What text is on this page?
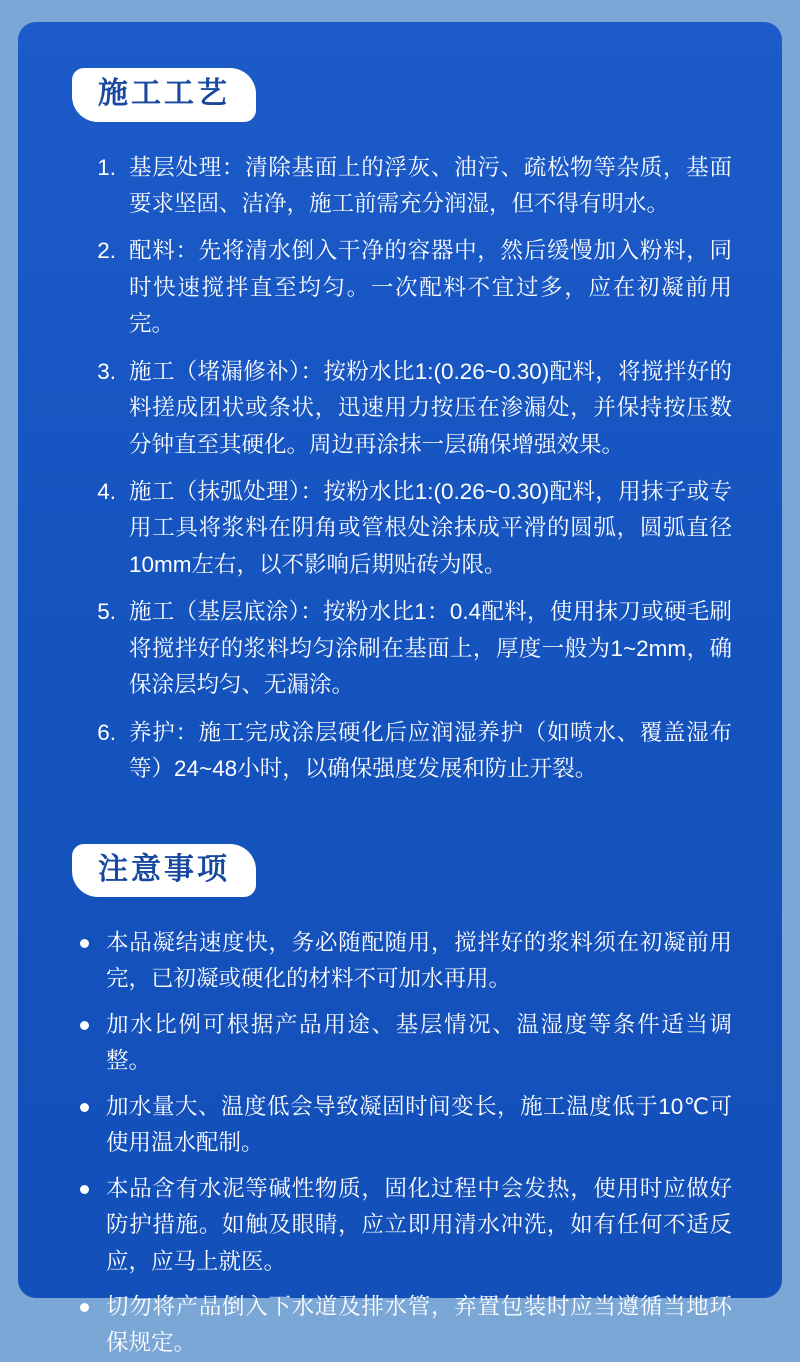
施工工艺
1. 基层处理：清除基面上的浮灰、油污、疏松物等杂质，基面要求坚固、洁净，施工前需充分润湿，但不得有明水。
2. 配料：先将清水倒入干净的容器中，然后缓慢加入粉料，同时快速搅拌直至均匀。一次配料不宜过多，应在初凝前用完。
3. 施工（堵漏修补）：按粉水比1:(0.26~0.30)配料，将搅拌好的料搓成团状或条状，迅速用力按压在渗漏处，并保持按压数分钟直至其硬化。周边再涂抹一层确保增强效果。
4. 施工（抹弧处理）：按粉水比1:(0.26~0.30)配料，用抹子或专用工具将浆料在阴角或管根处涂抹成平滑的圆弧，圆弧直径10mm左右，以不影响后期贴砖为限。
5. 施工（基层底涂）：按粉水比1：0.4配料，使用抹刀或硬毛刷将搅拌好的浆料均匀涂刷在基面上，厚度一般为1~2mm，确保涂层均匀、无漏涂。
6. 养护：施工完成涂层硬化后应润湿养护（如喷水、覆盖湿布等）24~48小时，以确保强度发展和防止开裂。
注意事项
本品凝结速度快，务必随配随用，搅拌好的浆料须在初凝前用完，已初凝或硬化的材料不可加水再用。
加水比例可根据产品用途、基层情况、温湿度等条件适当调整。
加水量大、温度低会导致凝固时间变长，施工温度低于10℃可使用温水配制。
本品含有水泥等碱性物质，固化过程中会发热，使用时应做好防护措施。如触及眼睛，应立即用清水冲洗，如有任何不适反应，应马上就医。
切勿将产品倒入下水道及排水管，弃置包装时应当遵循当地环保规定。
